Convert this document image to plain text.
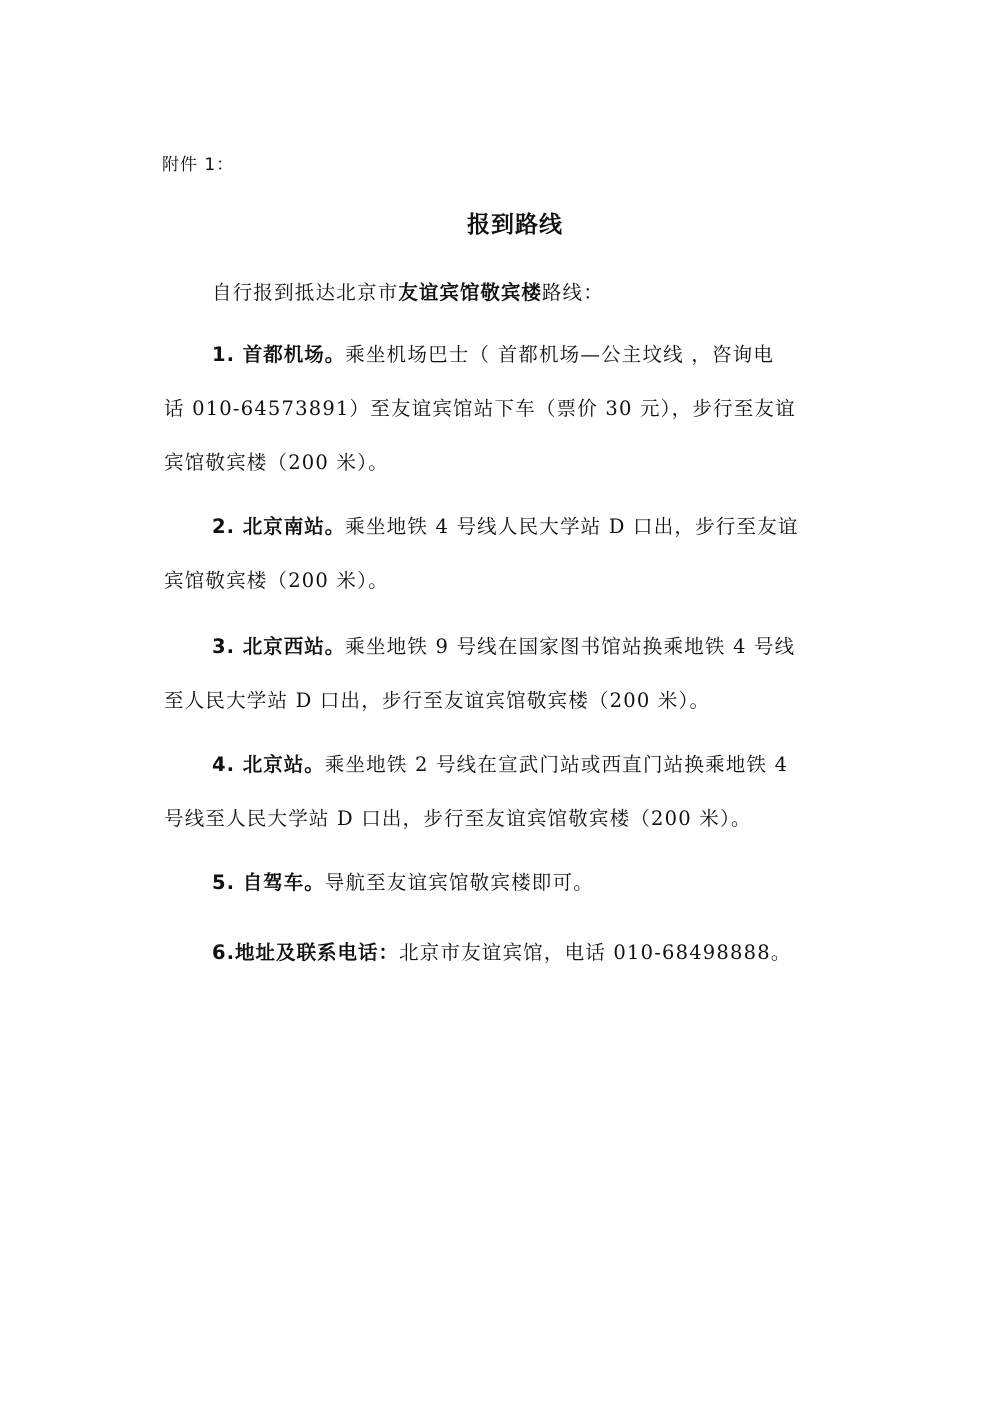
附件 1：
报到路线
自行报到抵达北京市友谊宾馆敬宾楼路线：
1. 首都机场。乘坐机场巴士（ 首都机场—公主坟线 ，咨询电
话 010-64573891）至友谊宾馆站下车（票价 30 元），步行至友谊
宾馆敬宾楼（200 米）。
2. 北京南站。乘坐地铁 4 号线人民大学站 D 口出，步行至友谊
宾馆敬宾楼（200 米）。
3. 北京西站。乘坐地铁 9 号线在国家图书馆站换乘地铁 4 号线
至人民大学站 D 口出，步行至友谊宾馆敬宾楼（200 米）。
4. 北京站。乘坐地铁 2 号线在宣武门站或西直门站换乘地铁 4
号线至人民大学站 D 口出，步行至友谊宾馆敬宾楼（200 米）。
5. 自驾车。导航至友谊宾馆敬宾楼即可。
6.地址及联系电话：北京市友谊宾馆，电话 010-68498888。
